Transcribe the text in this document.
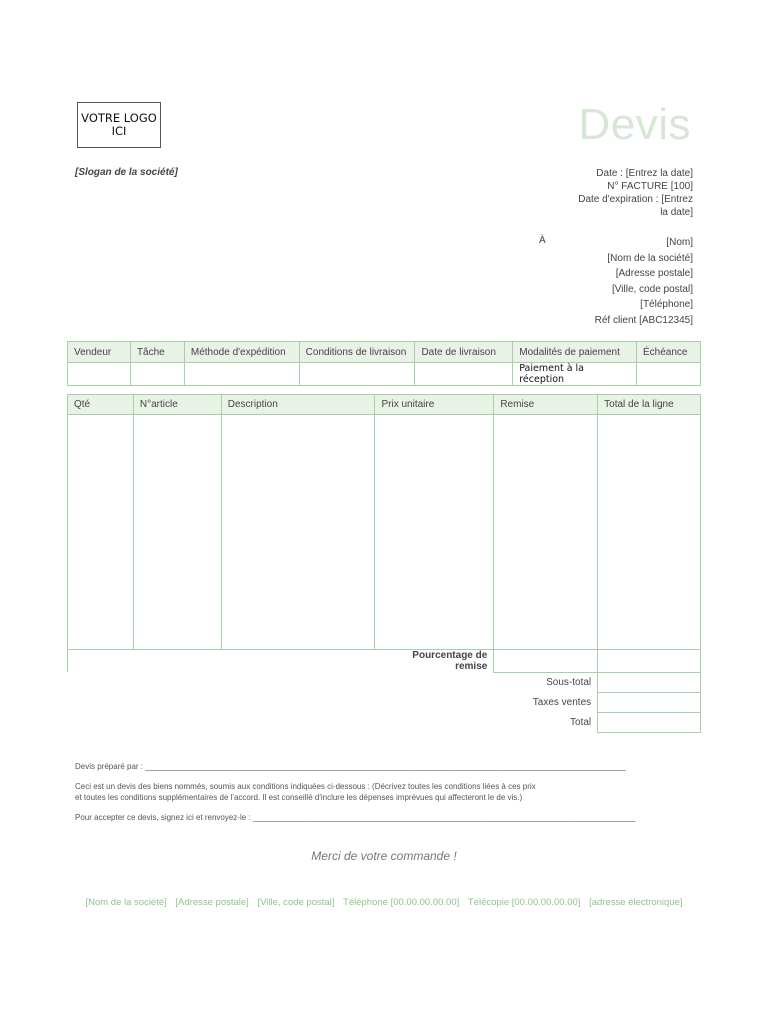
VOTRE LOGO
ICI	Devis
[Slogan de la société]	Date : [Entrez la date]
N° FACTURE [100]
Date d'expiration : [Entrez
la date]
À	[Nom]
[Nom de la société]
[Adresse postale]
[Ville, code postal]
[Téléphone]
Réf client [ABC12345]
Vendeur	Tâche	Méthode d'expédition	Conditions de livraison	Date de livraison	Modalités de paiement	Échéance
					Paiement à la réception	
Qté	N°article	Description	Prix unitaire	Remise	Total de la ligne

			Pourcentage de remise		
			Sous-total		
			Taxes ventes		
			Total		
Devis préparé par : ____________________________________________________________________________________________________________
Ceci est un devis des biens nommés, soumis aux conditions indiquées ci-dessous : (Décrivez toutes les conditions liées à ces prix
et toutes les conditions supplémentaires de l'accord. Il est conseillé d'inclure les dépenses imprévues qui affecteront le de vis.)
Pour accepter ce devis, signez ici et renvoyez-le : ______________________________________________________________________________________
Merci de votre commande !
[Nom de la société] [Adresse postale] [Ville, code postal] Téléphone [00.00.00.00.00] Télécopie [00.00.00.00.00] [adresse électronique]
